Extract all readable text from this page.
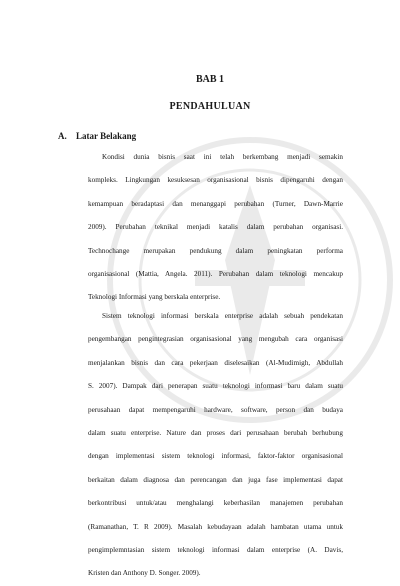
BAB 1
PENDAHULUAN
A. Latar Belakang
Kondisi dunia bisnis saat ini telah berkembang menjadi semakin
kompleks. Lingkungan kesuksesan organisasional bisnis dipengaruhi dengan
kemampuan beradaptasi dan menanggapi perubahan (Turner, Dawn-Marrie
2009). Perubahan teknikal menjadi katalis dalam perubahan organisasi.
Technochange merupakan pendukung dalam peningkatan performa
organisasional (Mattia, Angela. 2011). Perubahan dalam teknologi mencakup
Teknologi Informasi yang berskala enterprise.
Sistem teknologi informasi berskala enterprise adalah sebuah pendekatan
pengembangan pengintegrasian organisasional yang mengubah cara organisasi
menjalankan bisnis dan cara pekerjaan diselesaikan (Al-Mudimigh, Abdullah
S. 2007). Dampak dari penerapan suatu teknologi informasi baru dalam suatu
perusahaan dapat mempengaruhi hardware, software, person dan budaya
dalam suatu enterprise. Nature dan proses dari perusahaan berubah berhubung
dengan implementasi sistem teknologi informasi, faktor-faktor organisasional
berkaitan dalam diagnosa dan perencangan dan juga fase implementasi dapat
berkontribusi untuk/atau menghalangi keberhasilan manajemen perubahan
(Ramanathan, T. R 2009). Masalah kebudayaan adalah hambatan utama untuk
pengimplemntasian sistem teknologi informasi dalam enterprise (A. Davis,
Kristen dan Anthony D. Songer. 2009).
